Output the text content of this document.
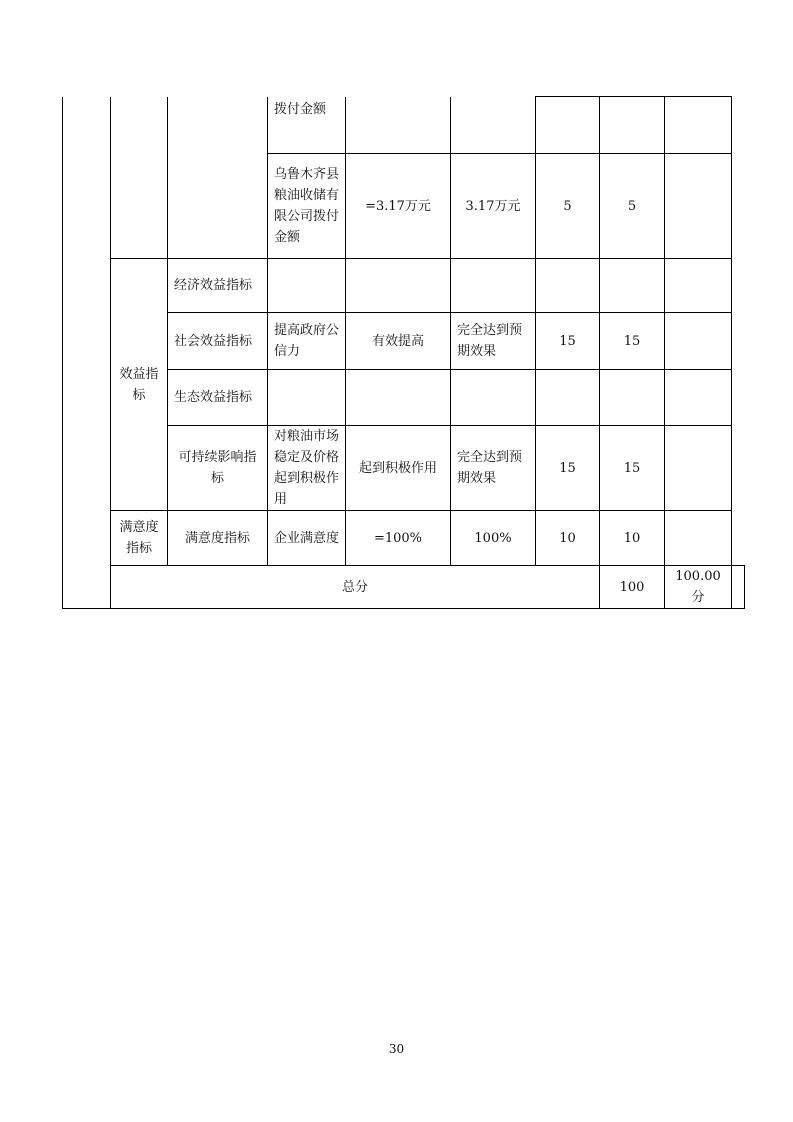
			拨付金额						
			乌鲁木齐县粮油收储有限公司拨付金额	=3.17万元	3.17万元	5	5		
	效益指标	经济效益指标							
		社会效益指标	提高政府公信力	有效提高	完全达到预期效果	15	15		
		生态效益指标							
		可持续影响指标	对粮油市场稳定及价格起到积极作用	起到积极作用	完全达到预期效果	15	15		
	满意度指标	满意度指标	企业满意度	=100%	100%	10	10		
	总分						100	100.00分	
30
